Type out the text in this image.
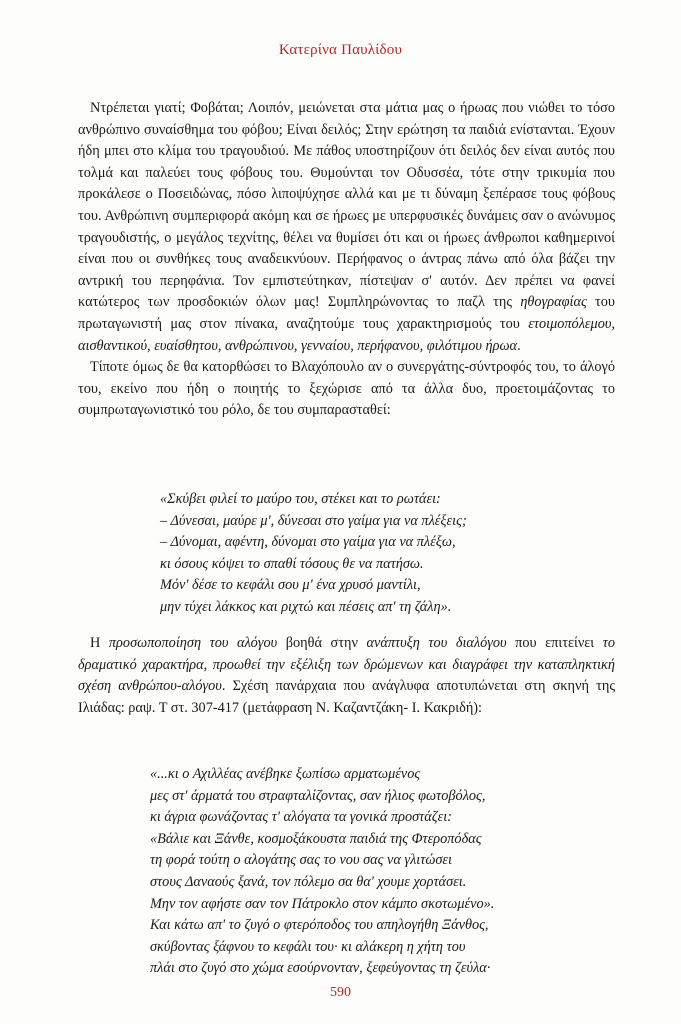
Κατερίνα Παυλίδου

Ντρέπεται γιατί; Φοβάται; Λοιπόν, μειώνεται στα μάτια μας ο ήρωας που νιώθει το τόσο ανθρώπινο συναίσθημα του φόβου; Είναι δειλός; Στην ερώτηση τα παιδιά ενίστανται. Έχουν ήδη μπει στο κλίμα του τραγουδιού. Με πάθος υποστηρίζουν ότι δειλός δεν είναι αυτός που τολμά και παλεύει τους φόβους του. Θυμούνται τον Οδυσσέα, τότε στην τρικυμία που προκάλεσε ο Ποσειδώνας, πόσο λιποψύχησε αλλά και με τι δύναμη ξεπέρασε τους φόβους του. Ανθρώπινη συμπεριφορά ακόμη και σε ήρωες με υπερφυσικές δυνάμεις σαν ο ανώνυμος τραγουδιστής, ο μεγάλος τεχνίτης, θέλει να θυμίσει ότι και οι ήρωες άνθρωποι καθημερινοί είναι που οι συνθήκες τους αναδεικνύουν. Περήφανος ο άντρας πάνω από όλα βάζει την αντρική του περηφάνια. Τον εμπιστεύτηκαν, πίστεψαν σ' αυτόν. Δεν πρέπει να φανεί κατώτερος των προσδοκιών όλων μας! Συμπληρώνοντας το παζλ της ηθογραφίας του πρωταγωνιστή μας στον πίνακα, αναζητούμε τους χαρακτηρισμούς του ετοιμοπόλεμου, αισθαντικού, ευαίσθητου, ανθρώπινου, γενναίου, περήφανου, φιλότιμου ήρωα.

Τίποτε όμως δε θα κατορθώσει το Βλαχόπουλο αν ο συνεργάτης-σύντροφός του, το άλογό του, εκείνο που ήδη ο ποιητής το ξεχώρισε από τα άλλα δυο, προετοιμάζοντας το συμπρωταγωνιστικό του ρόλο, δε του συμπαρασταθεί:

«Σκύβει φιλεί το μαύρο του, στέκει και το ρωτάει:
– Δύνεσαι, μαύρε μ', δύνεσαι στο γαίμα για να πλέξεις;
– Δύνομαι, αφέντη, δύνομαι στο γαίμα για να πλέξω,
κι όσους κόψει το σπαθί τόσους θε να πατήσω.
Μόν' δέσε το κεφάλι σου μ' ένα χρυσό μαντίλι,
μην τύχει λάκκος και ριχτώ και πέσεις απ' τη ζάλη».

Η προσωποποίηση του αλόγου βοηθά στην ανάπτυξη του διαλόγου που επιτείνει το δραματικό χαρακτήρα, προωθεί την εξέλιξη των δρώμενων και διαγράφει την καταπληκτική σχέση ανθρώπου-αλόγου. Σχέση πανάρχαια που ανάγλυφα αποτυπώνεται στη σκηνή της Ιλιάδας: ραψ. Τ στ. 307-417 (μετάφραση Ν. Καζαντζάκη- Ι. Κακριδή):

«...κι ο Αχιλλέας ανέβηκε ξωπίσω αρματωμένος
μες στ' άρματά του στραφταλίζοντας, σαν ήλιος φωτοβόλος,
κι άγρια φωνάζοντας τ' αλόγατα τα γονικά προστάζει:
«Βάλιε και Ξάνθε, κοσμοξάκουστα παιδιά της Φτεροπόδας
τη φορά τούτη ο αλογάτης σας το νου σας να γλιτώσει
στους Δαναούς ξανά, τον πόλεμο σα θα' χουμε χορτάσει.
Μην τον αφήστε σαν τον Πάτροκλο στον κάμπο σκοτωμένο».
Και κάτω απ' το ζυγό ο φτερόποδος του απηλογήθη Ξάνθος,
σκύβοντας ξάφνου το κεφάλι του· κι αλάκερη η χήτη του
πλάι στο ζυγό στο χώμα εσούρνονταν, ξεφεύγοντας τη ζεύλα·
590
